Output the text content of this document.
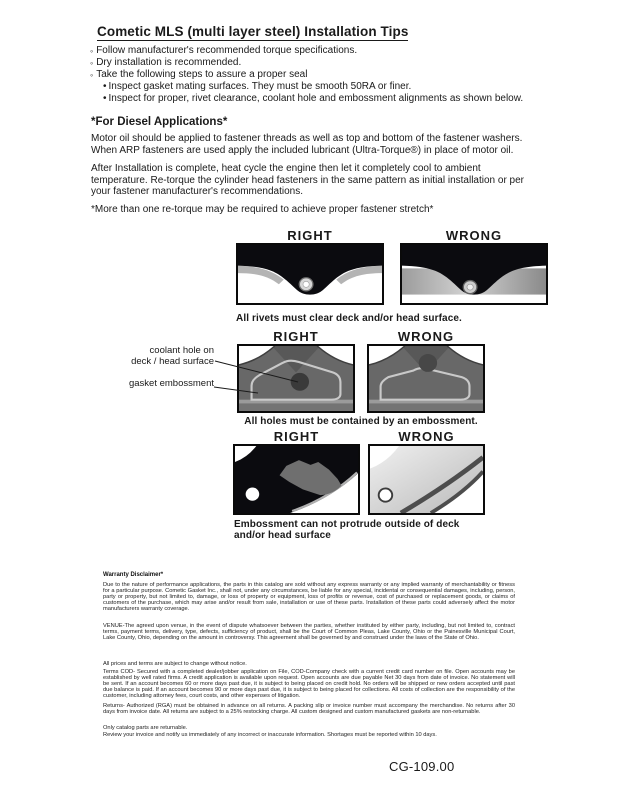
Cometic MLS (multi layer steel) Installation Tips
◦ Follow manufacturer's recommended torque specifications.
◦ Dry installation is recommended.
◦ Take the following steps to assure a proper seal
• Inspect gasket mating surfaces. They must be smooth 50RA or finer.
• Inspect for proper, rivet clearance, coolant hole and embossment alignments as shown below.
*For Diesel Applications*
Motor oil should be applied to fastener threads as well as top and bottom of the fastener washers. When ARP fasteners are used apply the included lubricant (Ultra-Torque®) in place of motor oil.
After Installation is complete, heat cycle the engine then let it completely cool to ambient temperature. Re-torque the cylinder head fasteners in the same pattern as initial installation or per your fastener manufacturer's recommendations.
*More than one re-torque may be required to achieve proper fastener stretch*
RIGHT	WRONG
All rivets must clear deck and/or head surface.
RIGHT	WRONG
coolant hole on
deck / head surface
gasket embossment
All holes must be contained by an embossment.
RIGHT	WRONG
Embossment can not protrude outside of deck
and/or head surface
Warranty Disclaimer*
Due to the nature of performance applications, the parts in this catalog are sold without any express warranty or any implied warranty of merchantability or fitness for a particular purpose. Cometic Gasket Inc., shall not, under any circumstances, be liable for any special, incidental or consequential damages, including, person, party or property, but not limited to, damage, or loss of property or equipment, loss of profits or revenue, cost of purchased or replacement goods, or claims of customers of the purchase, which may arise and/or result from sale, installation or use of these parts. Installation of these parts could adversely affect the motor manufacturers warranty coverage.
VENUE-The agreed upon venue, in the event of dispute whatsoever between the parties, whether instituted by either party, including, but not limited to, contract terms, payment terms, delivery, type, defects, sufficiency of product, shall be the Court of Common Pleas, Lake County, Ohio or the Painesville Municipal Court, Lake County, Ohio, depending on the amount in controversy. This agreement shall be governed by and construed under the laws of the State of Ohio.
All prices and terms are subject to change without notice.
Terms COD- Secured with a completed dealer/jobber application on File, COD-Company check with a current credit card number on file. Open accounts may be established by well rated firms. A credit application is available upon request. Open accounts are due payable Net 30 days from date of invoice. No statement will be sent. If an account becomes 60 or more days past due, it is subject to being placed on credit hold. No orders will be shipped or new orders accepted until past due balance is paid. If an account becomes 90 or more days past due, it is subject to being placed for collections. All costs of collection are the responsibility of the customer, including attorney fees, court costs, and other expenses of litigation.
Returns- Authorized (RGA) must be obtained in advance on all returns. A packing slip or invoice number must accompany the merchandise. No returns after 30 days from invoice date. All returns are subject to a 25% restocking charge. All custom designed and custom manufactured gaskets are non-returnable.
Only catalog parts are returnable.
Review your invoice and notify us immediately of any incorrect or inaccurate information. Shortages must be reported within 10 days.
CG-109.00
